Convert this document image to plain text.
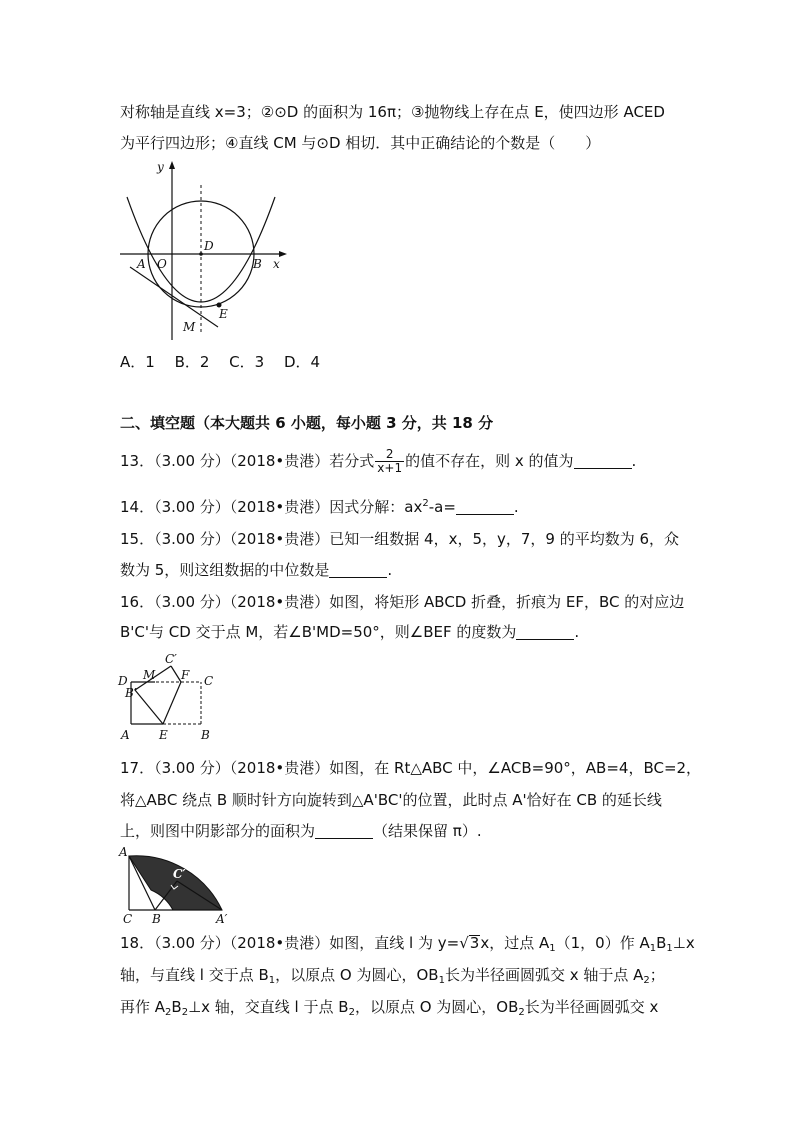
对称轴是直线 x=3；②⊙D 的面积为 16π；③抛物线上存在点 E，使四边形 ACED
为平行四边形；④直线 CM 与⊙D 相切．其中正确结论的个数是（　　）
y
x
D
A O	B
E
M
A．1　 B．2　 C．3　 D．4
二、填空题（本大题共 6 小题，每小题 3 分，共 18 分
13．（3.00 分）（2018•贵港）若分式 $\frac{2}{x+1}$ 的值不存在，则 x 的值为	.
14．（3.00 分）（2018•贵港）因式分解：$ax^2-a=$	.
15．（3.00 分）（2018•贵港）已知一组数据 4，x，5，y，7，9 的平均数为 6，众
数为 5，则这组数据的中位数是	.
16．（3.00 分）（2018•贵港）如图，将矩形 ABCD 折叠，折痕为 EF，BC 的对应边
B'C'与 CD 交于点 M，若∠B'MD=50°，则∠BEF 的度数为	.
C′
M F
D	C
B′
A E	B
17．（3.00 分）（2018•贵港）如图，在 Rt△ABC 中，∠ACB=90°，AB=4，BC=2，
将△ABC 绕点 B 顺时针方向旋转到△A'BC'的位置，此时点 A'恰好在 CB 的延长线
上，则图中阴影部分的面积为	（结果保留 π）.
A
C′
C B	A′
18．（3.00 分）（2018•贵港）如图，直线 l 为 y=√3x，过点 $A_1(1$，0）作 $A_1B_1\perp x$
轴，与直线 l 交于点 $B_1$，以原点 O 为圆心，$OB_1$长为半径画圆弧交 x 轴于点 $A_2$；
再作 $A_2B_2\perp x$ 轴，交直线 l 于点 $B_2$，以原点 O 为圆心，$OB_2$长为半径画圆弧交 x
